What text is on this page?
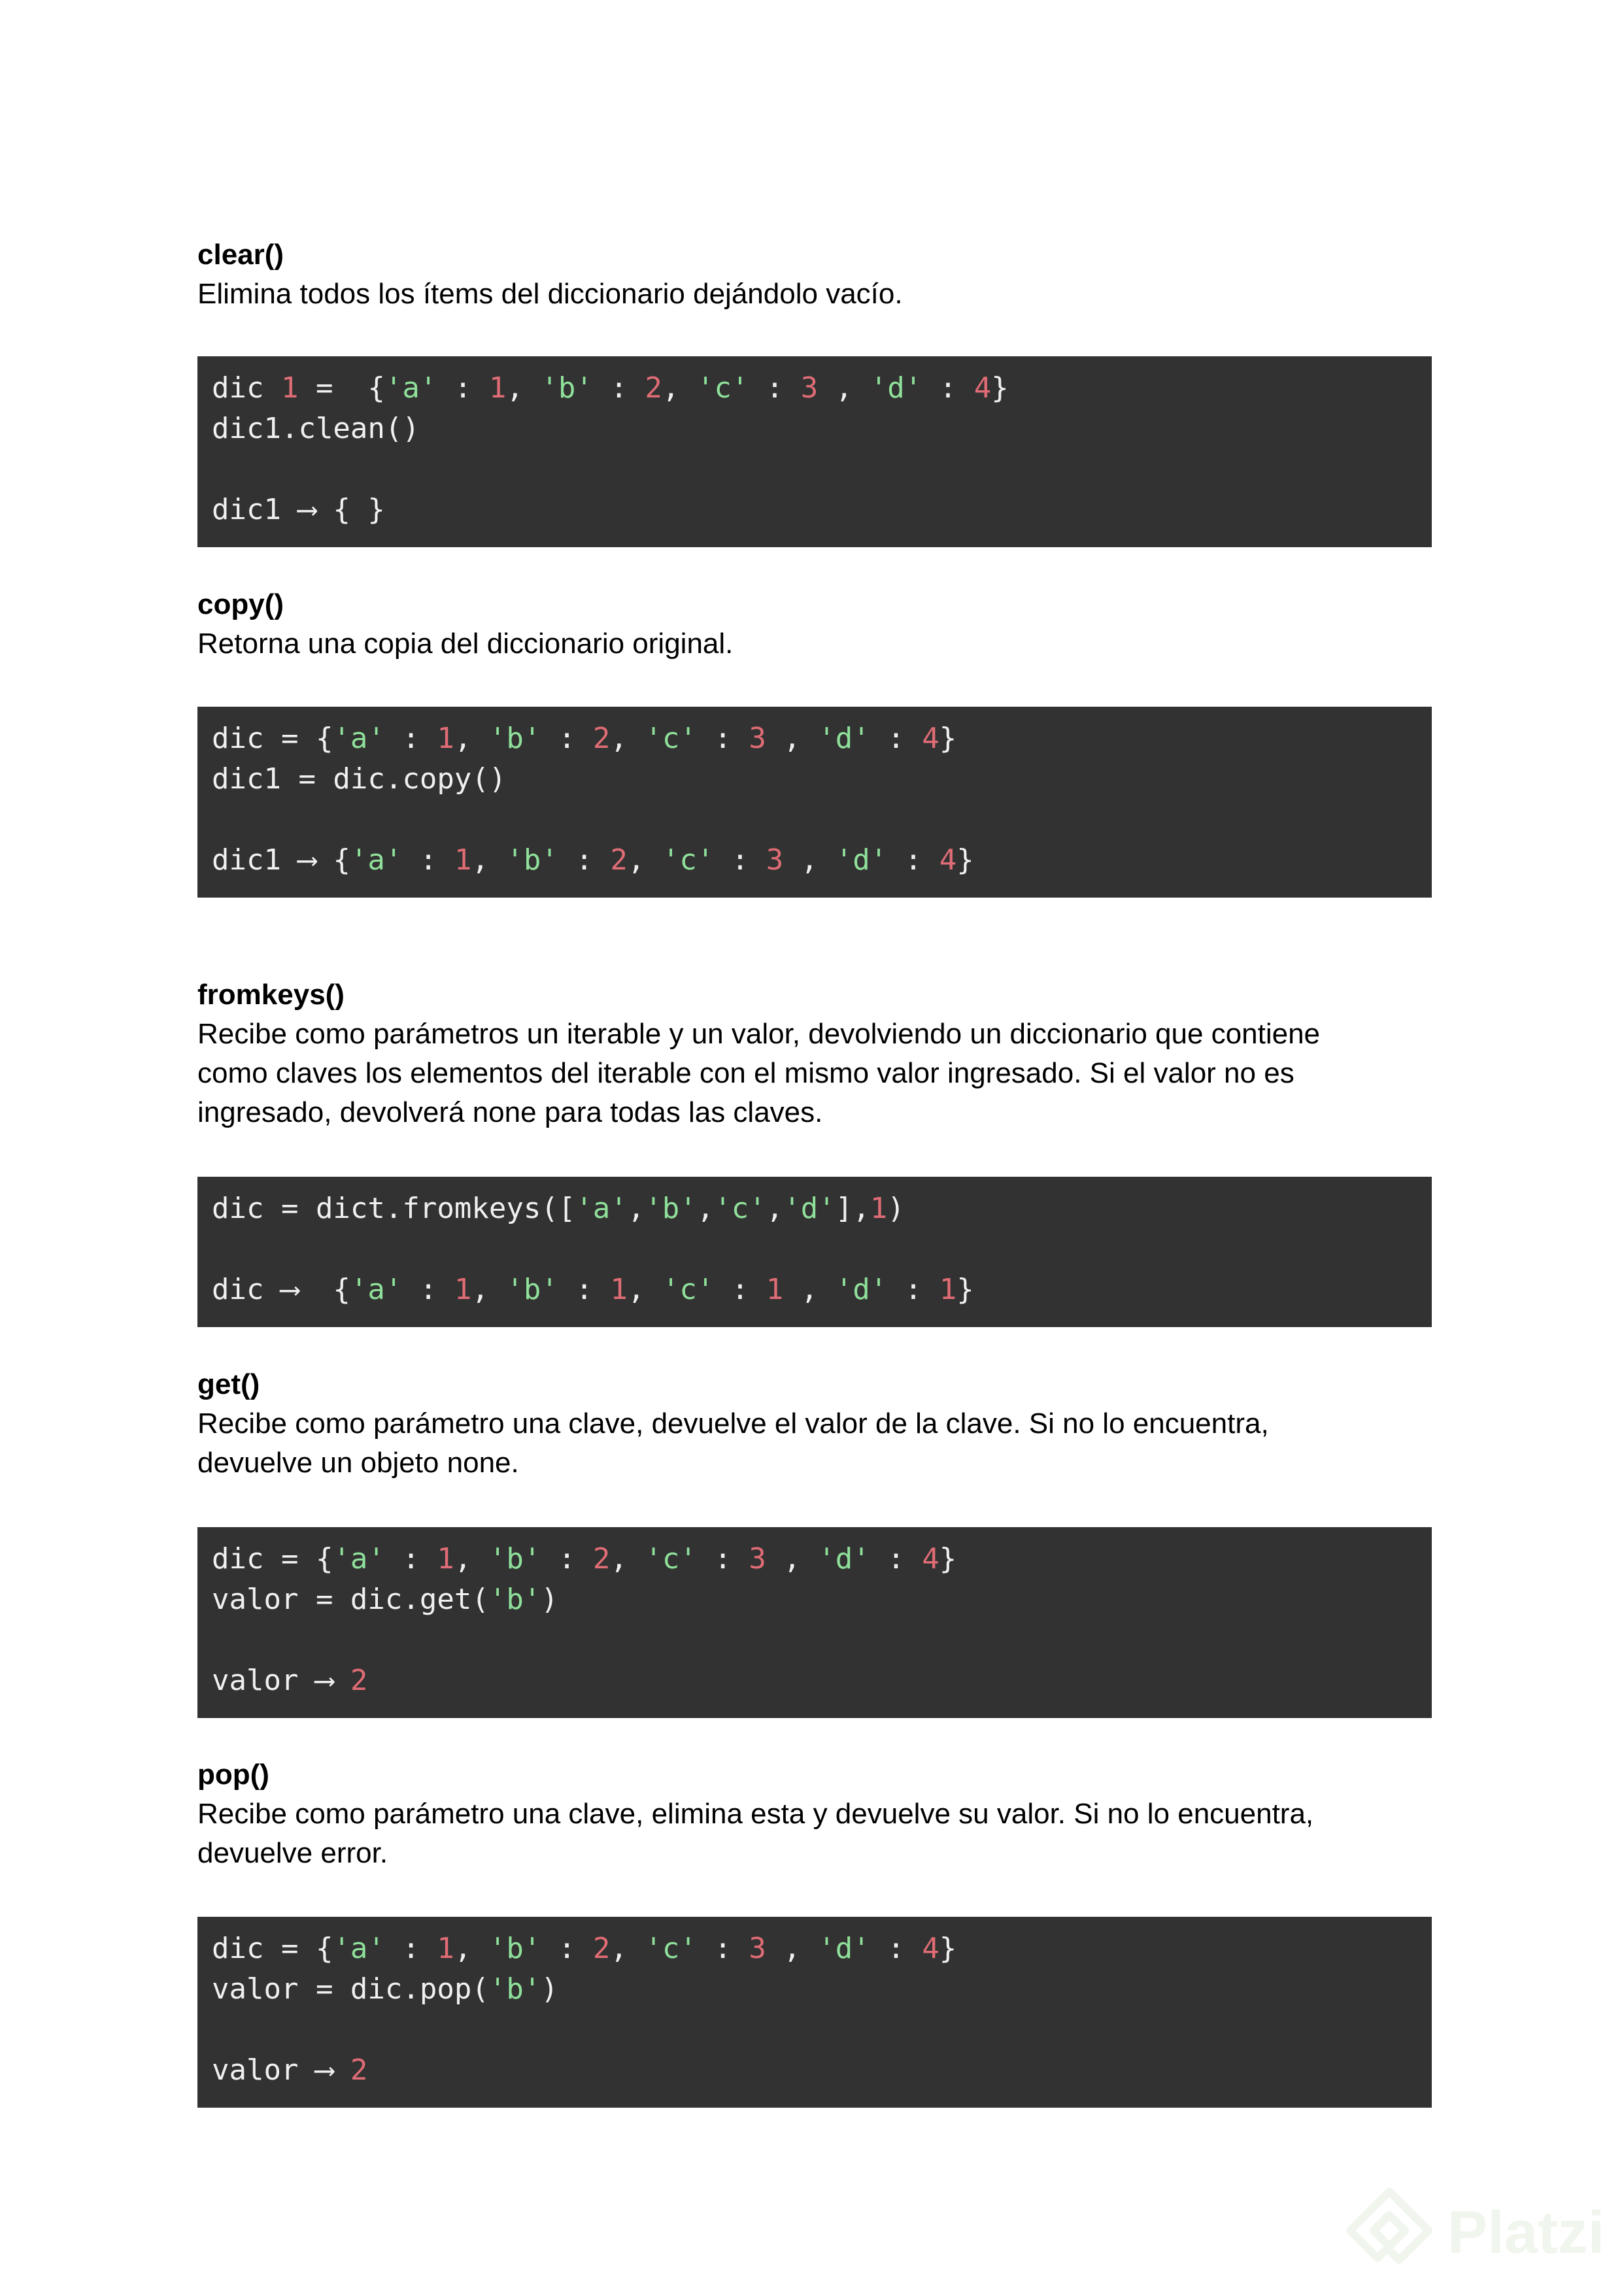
clear()

Elimina todos los ítems del diccionario dejándolo vacío.

dic 1 =  {'a' : 1, 'b' : 2, 'c' : 3 , 'd' : 4}
dic1.clean()
dic1 ⟶ { }

copy()

Retorna una copia del diccionario original.

dic = {'a' : 1, 'b' : 2, 'c' : 3 , 'd' : 4}
dic1 = dic.copy()
dic1 ⟶ {'a' : 1, 'b' : 2, 'c' : 3 , 'd' : 4}

fromkeys()

Recibe como parámetros un iterable y un valor, devolviendo un diccionario que contiene

como claves los elementos del iterable con el mismo valor ingresado. Si el valor no es

ingresado, devolverá none para todas las claves.

dic = dict.fromkeys(['a','b','c','d'],1)
dic ⟶  {'a' : 1, 'b' : 1, 'c' : 1 , 'd' : 1}

get()

Recibe como parámetro una clave, devuelve el valor de la clave. Si no lo encuentra,

devuelve un objeto none.

dic = {'a' : 1, 'b' : 2, 'c' : 3 , 'd' : 4}
valor = dic.get('b')
valor ⟶ 2

pop()

Recibe como parámetro una clave, elimina esta y devuelve su valor. Si no lo encuentra,

devuelve error.

dic = {'a' : 1, 'b' : 2, 'c' : 3 , 'd' : 4}
valor = dic.pop('b')
valor ⟶ 2
Platzi
